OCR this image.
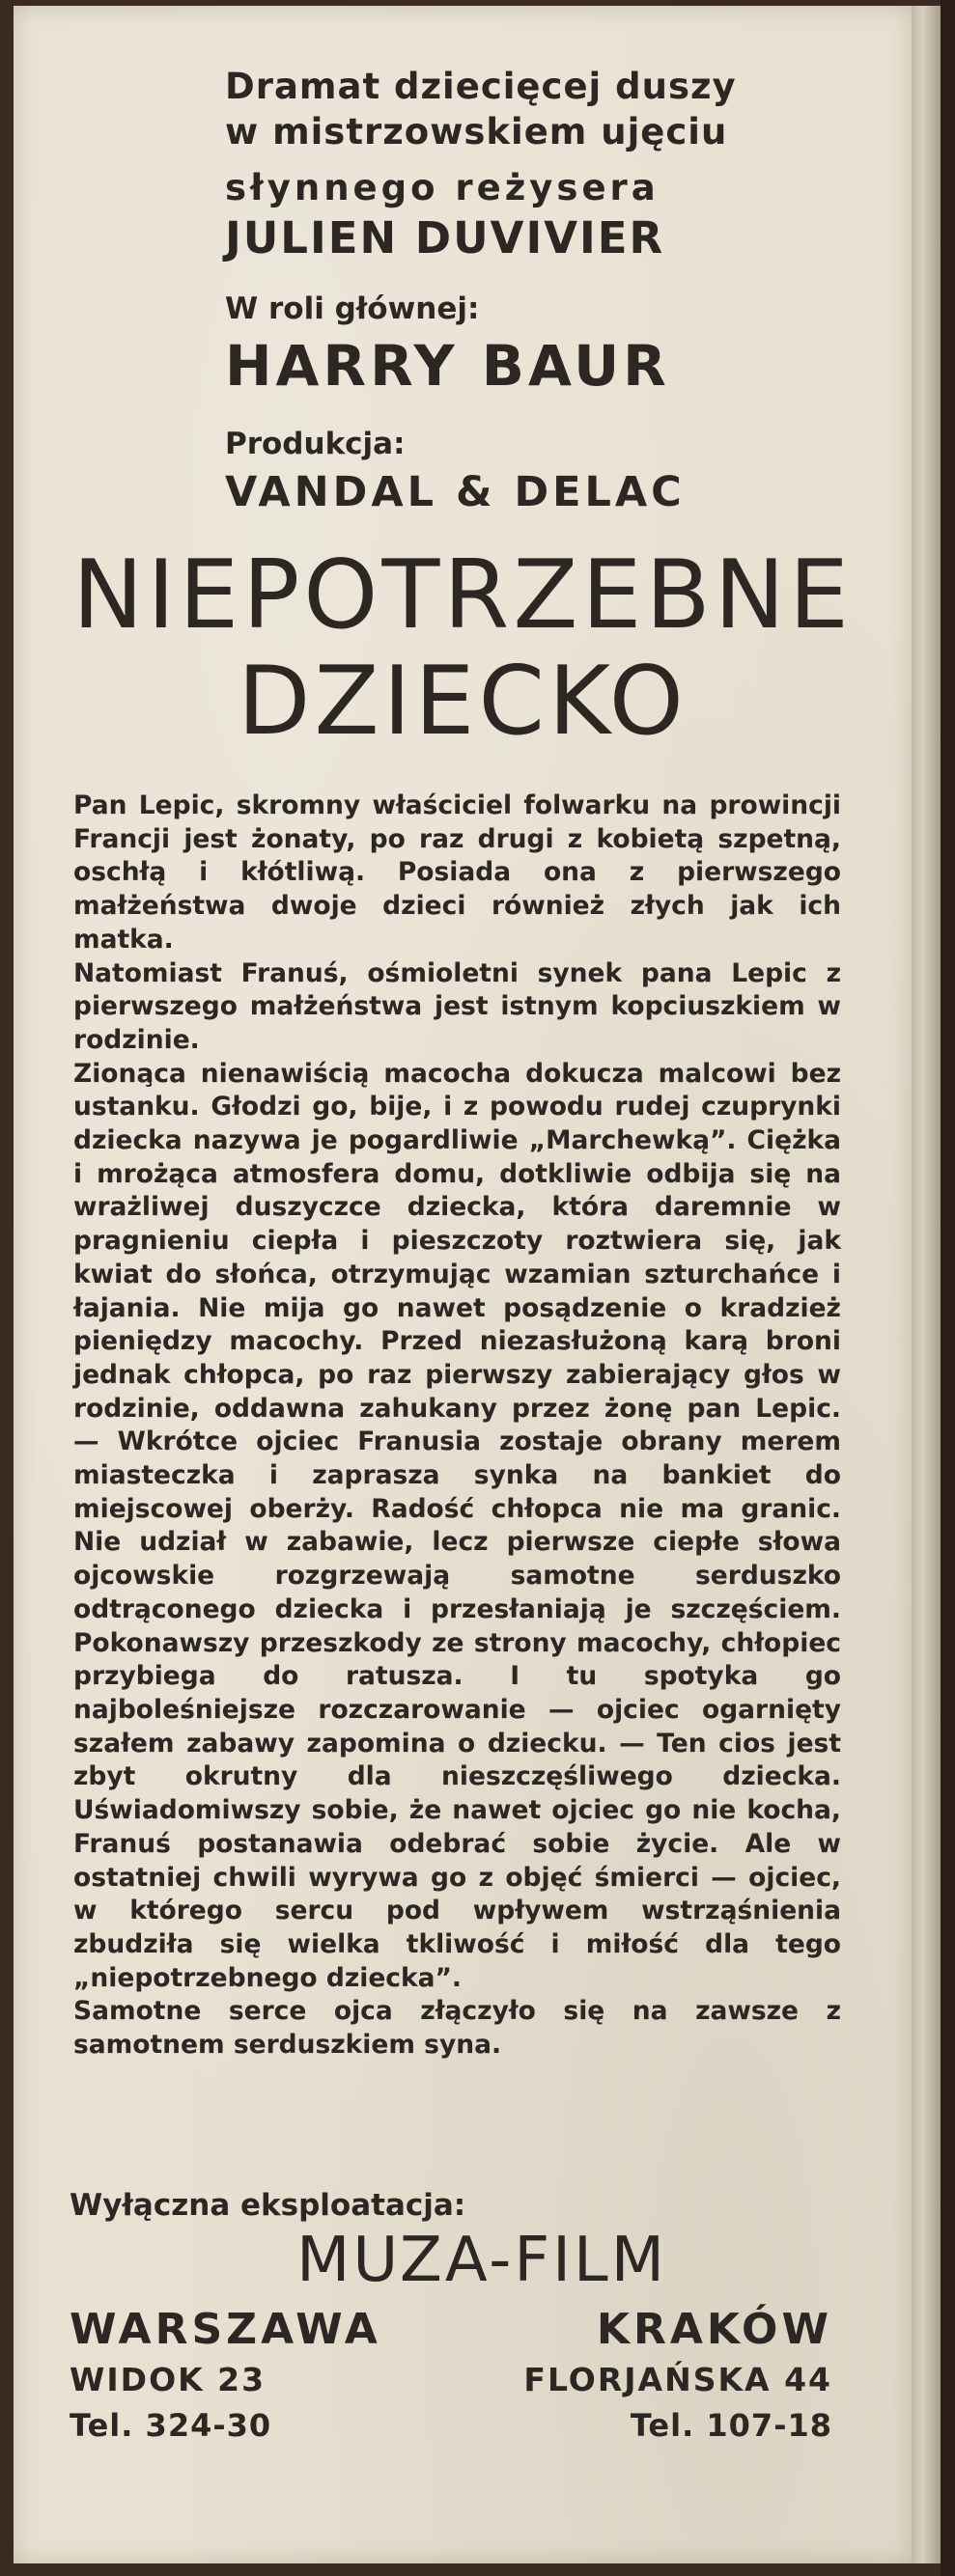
Dramat dziecięcej duszy
w mistrzowskiem ujęciu
słynnego reżysera
JULIEN DUVIVIER
W roli głównej:
HARRY BAUR
Produkcja:
VANDAL & DELAC
NIEPOTRZEBNE
DZIECKO

Pan Lepic, skromny właściciel folwarku na prowincji Francji jest żonaty, po raz drugi z kobietą szpetną, oschłą i kłótliwą. Posiada ona z pierwszego małżeństwa dwoje dzieci również złych jak ich matka.

Natomiast Franuś, ośmioletni synek pana Lepic z pierwszego małżeństwa jest istnym kopciuszkiem w rodzinie.

Ziona̧ca nienawiścią macocha dokucza malcowi bez ustanku. Głodzi go, bije, i z powodu rudej czuprynki dziecka nazywa je pogardliwie „Marchewką”. Ciężka i mrożąca atmosfera domu, dotkliwie odbija się na wrażliwej duszyczce dziecka, która daremnie w pragnieniu ciepła i pieszczoty roztwiera się, jak kwiat do słońca, otrzymując wzamian szturchańce i łajania. Nie mija go nawet posądzenie o kradzież pieniędzy macochy. Przed niezasłużoną karą broni jednak chłopca, po raz pierwszy zabierający głos w rodzinie, oddawna zahukany przez żonę pan Lepic. — Wkrótce ojciec Franusia zostaje obrany merem miasteczka i zaprasza synka na bankiet do miejscowej oberży. Radość chłopca nie ma granic. Nie udział w zabawie, lecz pierwsze ciepłe słowa ojcowskie rozgrzewają samotne serduszko odtrąconego dziecka i przesłaniają je szczęściem. Pokonawszy przeszkody ze strony macochy, chłopiec przybiega do ratusza. I tu spotyka go najboleśniejsze rozczarowanie — ojciec ogarnięty szałem zabawy zapomina o dziecku. — Ten cios jest zbyt okrutny dla nieszczęśliwego dziecka. Uświadomiwszy sobie, że nawet ojciec go nie kocha, Franuś postanawia odebrać sobie życie. Ale w ostatniej chwili wyrywa go z objęć śmierci — ojciec, w którego sercu pod wpływem wstrząśnienia zbudziła się wielka tkliwość i miłość dla tego „niepotrzebnego dziecka”.

Samotne serce ojca złączyło się na zawsze z samotnem serduszkiem syna.

Wyłączna eksploatacja:
MUZA-FILM
WARSZAWA
WIDOK 23
Tel. 324-30
KRAKÓW
FLORJAŃSKA 44
Tel. 107-18
